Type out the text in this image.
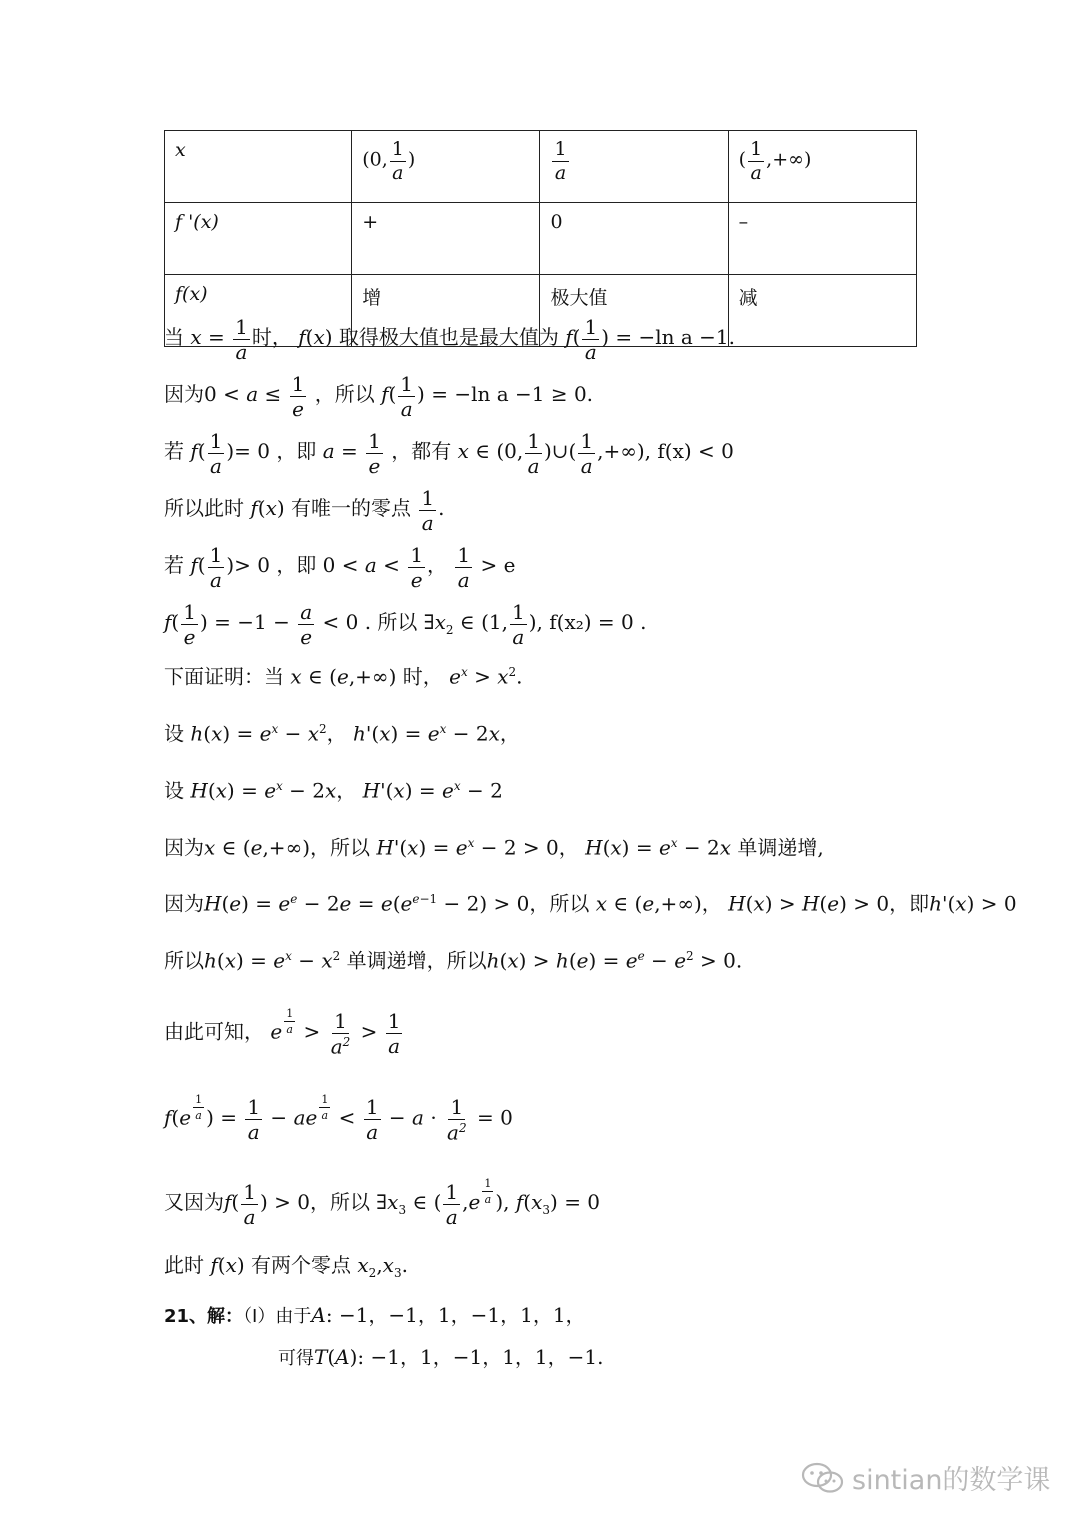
x	(0, $\frac{1}{a}$ )	$\frac{1}{a}$	( $\frac{1}{a}$ ,+∞)
f '(x)	+	0	–
f(x)	增	极大值	减
当 $x = \frac{1}{a}$ 时， f(x) 取得极大值也是最大值为 $f( \frac{1}{a}$ ) = −ln a −1.
因为$0 < a \le \frac{1}{e}$ ，所以 $f( \frac{1}{a}$ ) = −ln a −1 ≥ 0.
若 $f( \frac{1}{a}$ )= 0 ，即 $a = \frac{1}{e}$ ，都有 x ∈ (0, $\frac{1}{a}$ )∪( $\frac{1}{a}$ ,+∞), f(x) < 0
所以此时 f(x) 有唯一的零点 $\frac{1}{a}$ .
若 $f( \frac{1}{a}$ )> 0 ，即 $0 < a < \frac{1}{e}$ ， $\frac{1}{a} > e$
$f( \frac{1}{e}$ ) = $-1 - \frac{a}{e} < 0$ . 所以 $\exists x_2$ ∈ (1, $\frac{1}{a}$ ), f(x₂) = 0 .
下面证明：当 x ∈ (e,+∞) 时， $e^x > x^2$.
设 $h(x) = e^x - x^2$， $h'(x) = e^x - 2x$，
设 $H(x) = e^x - 2x$， $H'(x) = e^x - 2$
因为x ∈ (e,+∞)，所以 $H'(x) = e^x - 2 > 0$， $H(x) = e^x - 2x$ 单调递增,
因为$H(e) = e^e - 2e = e(e^{e-1} - 2) > 0$，所以 x ∈ (e,+∞)， H(x) > H(e) > 0，即h'(x) > 0
所以$h(x) = e^x - x^2$ 单调递增，所以$h(x) > h(e) = e^e - e^2 > 0$.
由此可知， e $^{\frac{1}{a}} > \frac{1}{a^2} > \frac{1}{a}$
f(e $^{\frac{1}{a}}$ ) = $\frac{1}{a}$ − ae $^{\frac{1}{a}} < \frac{1}{a} - a \cdot \frac{1}{a^2} = 0$
又因为$f( \frac{1}{a}$ ) > 0，所以 $\exists x_3$ ∈ ( $\frac{1}{a} ,e$ $^{\frac{1}{a}}$ ), $f(x_3) = 0$
此时 f(x) 有两个零点 $x_2,x_3$.
21、解：（Ⅰ）由于A: −1，−1，1，−1，1，1，
可得T(A): −1，1，−1，1，1，−1.
sintian的数学课
